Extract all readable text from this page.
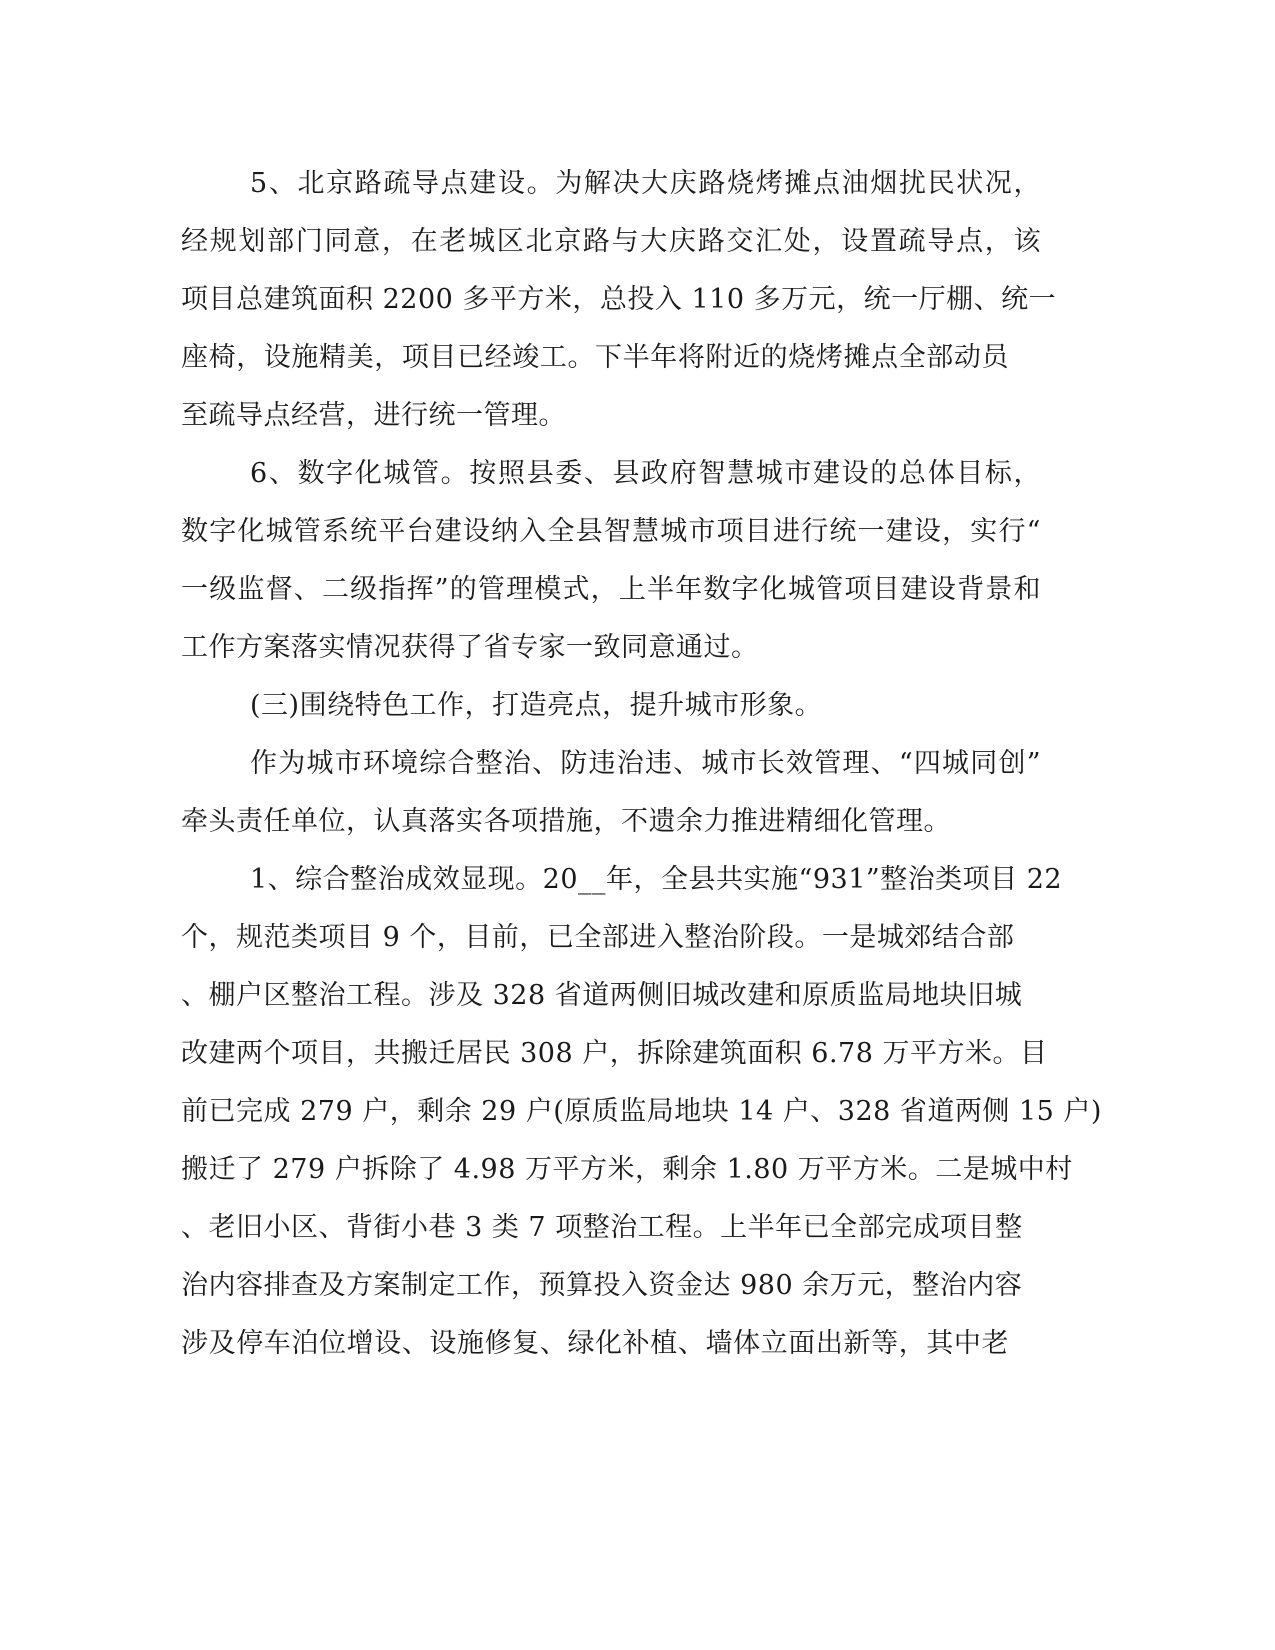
5、北京路疏导点建设。为解决大庆路烧烤摊点油烟扰民状况，
经规划部门同意，在老城区北京路与大庆路交汇处，设置疏导点，该
项目总建筑面积 2200 多平方米，总投入 110 多万元，统一厅棚、统一
座椅，设施精美，项目已经竣工。下半年将附近的烧烤摊点全部动员
至疏导点经营，进行统一管理。
6、数字化城管。按照县委、县政府智慧城市建设的总体目标，
数字化城管系统平台建设纳入全县智慧城市项目进行统一建设，实行“
一级监督、二级指挥”的管理模式，上半年数字化城管项目建设背景和
工作方案落实情况获得了省专家一致同意通过。
(三)围绕特色工作，打造亮点，提升城市形象。
作为城市环境综合整治、防违治违、城市长效管理、“四城同创”
牵头责任单位，认真落实各项措施，不遗余力推进精细化管理。
1、综合整治成效显现。20__年，全县共实施“931”整治类项目 22
个，规范类项目 9 个，目前，已全部进入整治阶段。一是城郊结合部
、棚户区整治工程。涉及 328 省道两侧旧城改建和原质监局地块旧城
改建两个项目，共搬迁居民 308 户，拆除建筑面积 6.78 万平方米。目
前已完成 279 户，剩余 29 户(原质监局地块 14 户、328 省道两侧 15 户)
搬迁了 279 户拆除了 4.98 万平方米，剩余 1.80 万平方米。二是城中村
、老旧小区、背街小巷 3 类 7 项整治工程。上半年已全部完成项目整
治内容排查及方案制定工作，预算投入资金达 980 余万元，整治内容
涉及停车泊位增设、设施修复、绿化补植、墙体立面出新等，其中老
